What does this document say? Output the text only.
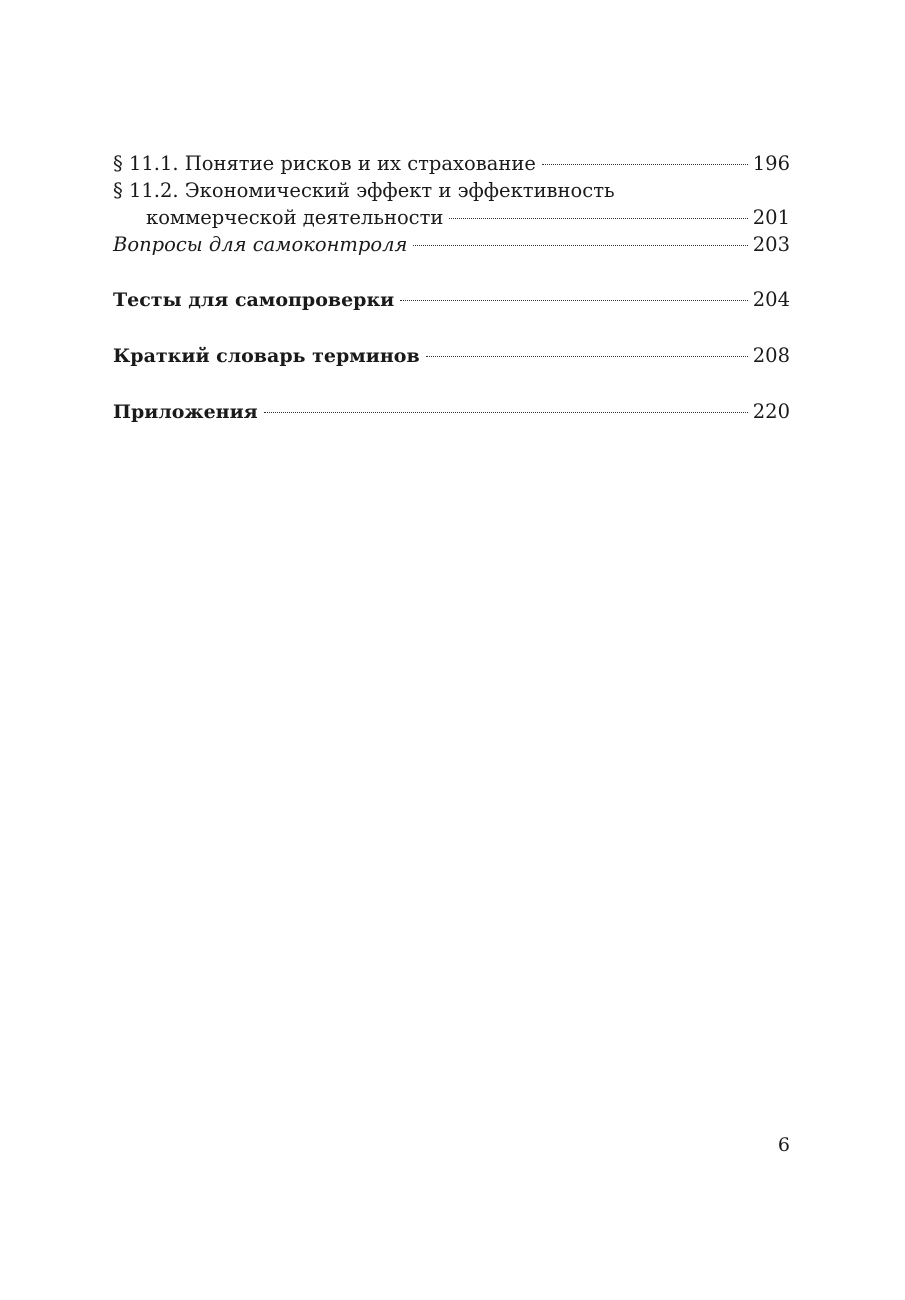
§ 11.1. Понятие рисков и их страхование	196
§ 11.2. Экономический эффект и эффективность
коммерческой деятельности	201
Вопросы для самоконтроля	203
Тесты для самопроверки	204
Краткий словарь терминов	208
Приложения	220
6
